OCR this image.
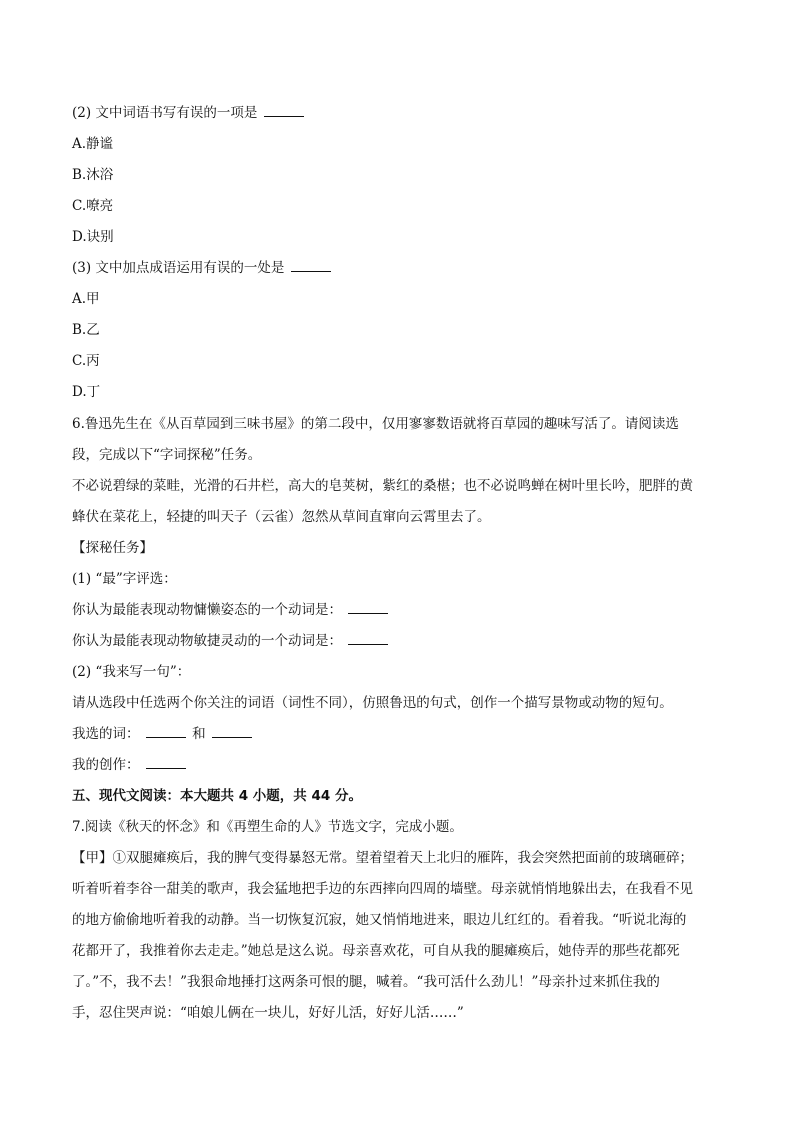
(2) 文中词语书写有误的一项是
A.静谧
B.沐浴
C.嘹亮
D.诀别
(3) 文中加点成语运用有误的一处是
A.甲
B.乙
C.丙
D.丁
6.鲁迅先生在《从百草园到三味书屋》的第二段中，仅用寥寥数语就将百草园的趣味写活了。请阅读选
段，完成以下“字词探秘”任务。
不必说碧绿的菜畦，光滑的石井栏，高大的皂荚树，紫红的桑椹；也不必说鸣蝉在树叶里长吟，肥胖的黄
蜂伏在菜花上，轻捷的叫天子（云雀）忽然从草间直窜向云霄里去了。
【探秘任务】
(1) “最”字评选：
你认为最能表现动物慵懒姿态的一个动词是：
你认为最能表现动物敏捷灵动的一个动词是：
(2) “我来写一句”：
请从选段中任选两个你关注的词语（词性不同），仿照鲁迅的句式，创作一个描写景物或动物的短句。
我选的词：	和
我的创作：
五、现代文阅读：本大题共 4 小题，共 44 分。
7.阅读《秋天的怀念》和《再塑生命的人》节选文字，完成小题。
【甲】①双腿瘫痪后，我的脾气变得暴怒无常。望着望着天上北归的雁阵，我会突然把面前的玻璃砸碎；
听着听着李谷一甜美的歌声，我会猛地把手边的东西摔向四周的墙壁。母亲就悄悄地躲出去，在我看不见
的地方偷偷地听着我的动静。当一切恢复沉寂，她又悄悄地进来，眼边儿红红的。看着我。“听说北海的
花都开了，我推着你去走走。”她总是这么说。母亲喜欢花，可自从我的腿瘫痪后，她侍弄的那些花都死
了。”不，我不去！”我狠命地捶打这两条可恨的腿，喊着。“我可活什么劲儿！”母亲扑过来抓住我的
手，忍住哭声说：“咱娘儿俩在一块儿，好好儿活，好好儿活……”
